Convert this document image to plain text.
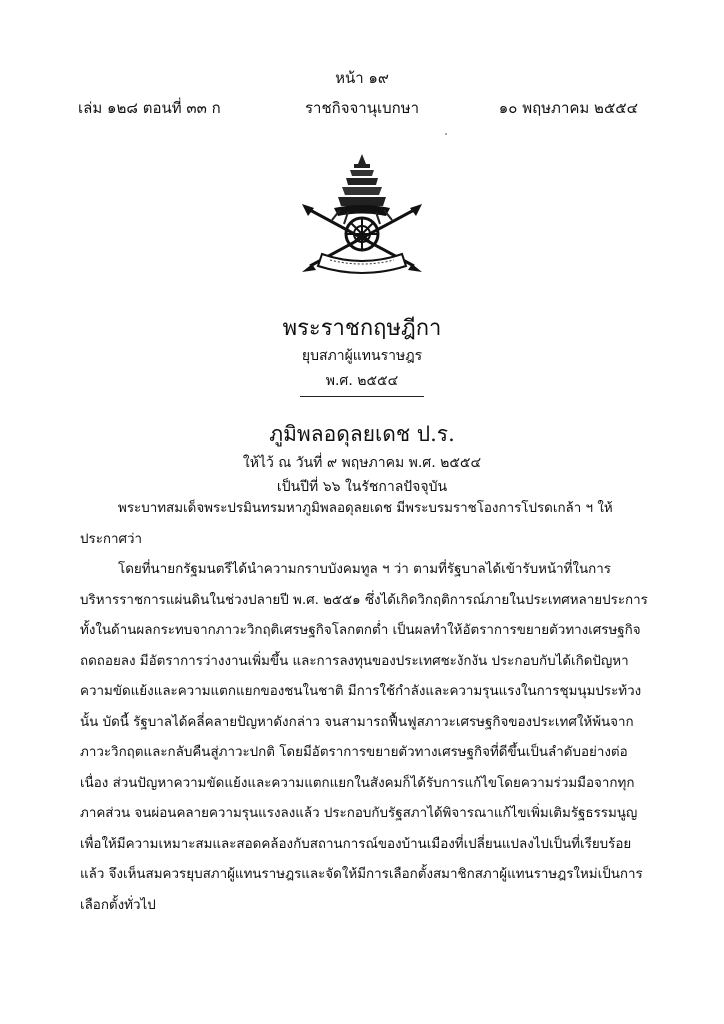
หน้า ๑๙
เล่ม ๑๒๘ ตอนที่ ๓๓ ก	ราชกิจจานุเบกษา	๑๐ พฤษภาคม ๒๕๕๔
พระราชกฤษฎีกา
ยุบสภาผู้แทนราษฎร
พ.ศ. ๒๕๕๔
ภูมิพลอดุลยเดช ป.ร.
ให้ไว้ ณ วันที่ ๙ พฤษภาคม พ.ศ. ๒๕๕๔
เป็นปีที่ ๖๖ ในรัชกาลปัจจุบัน
พระบาทสมเด็จพระปรมินทรมหาภูมิพลอดุลยเดช มีพระบรมราชโองการโปรดเกล้า ฯ ให้ประกาศว่า
โดยที่นายกรัฐมนตรีได้นำความกราบบังคมทูล ฯ ว่า ตามที่รัฐบาลได้เข้ารับหน้าที่ในการบริหารราชการแผ่นดินในช่วงปลายปี พ.ศ. ๒๕๕๑ ซึ่งได้เกิดวิกฤติการณ์ภายในประเทศหลายประการ ทั้งในด้านผลกระทบจากภาวะวิกฤติเศรษฐกิจโลกตกต่ำ เป็นผลทำให้อัตราการขยายตัวทางเศรษฐกิจถดถอยลง มีอัตราการว่างงานเพิ่มขึ้น และการลงทุนของประเทศชะงักงัน ประกอบกับได้เกิดปัญหาความขัดแย้งและความแตกแยกของชนในชาติ มีการใช้กำลังและความรุนแรงในการชุมนุมประท้วง นั้น บัดนี้ รัฐบาลได้คลี่คลายปัญหาดังกล่าว จนสามารถฟื้นฟูสภาวะเศรษฐกิจของประเทศให้พ้นจากภาวะวิกฤตและกลับคืนสู่ภาวะปกติ โดยมีอัตราการขยายตัวทางเศรษฐกิจที่ดีขึ้นเป็นลำดับอย่างต่อเนื่อง ส่วนปัญหาความขัดแย้งและความแตกแยกในสังคมก็ได้รับการแก้ไขโดยความร่วมมือจากทุกภาคส่วน จนผ่อนคลายความรุนแรงลงแล้ว ประกอบกับรัฐสภาได้พิจารณาแก้ไขเพิ่มเติมรัฐธรรมนูญเพื่อให้มีความเหมาะสมและสอดคล้องกับสถานการณ์ของบ้านเมืองที่เปลี่ยนแปลงไปเป็นที่เรียบร้อยแล้ว จึงเห็นสมควรยุบสภาผู้แทนราษฎรและจัดให้มีการเลือกตั้งสมาชิกสภาผู้แทนราษฎรใหม่เป็นการเลือกตั้งทั่วไป
